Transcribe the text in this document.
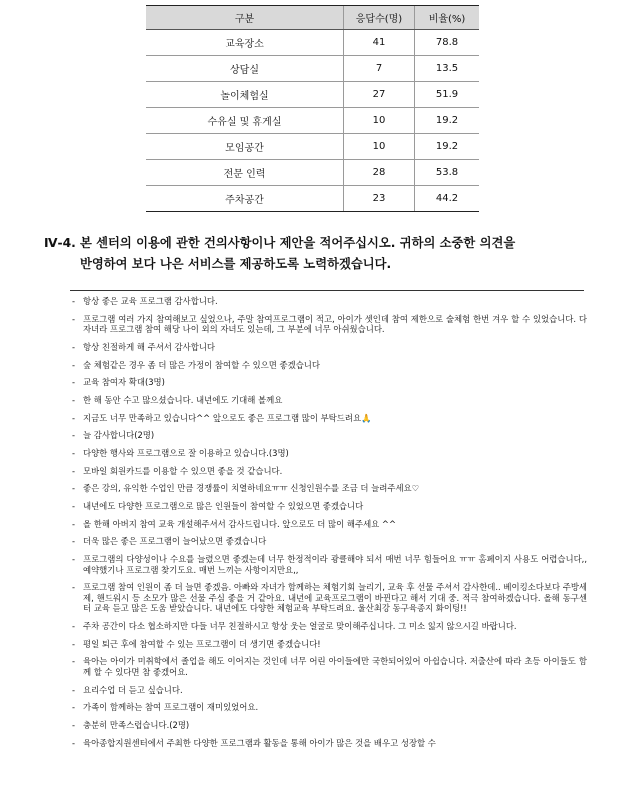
구분	응답수(명)	비율(%)
교육장소	41	78.8
상담실	7	13.5
놀이체험실	27	51.9
수유실 및 휴게실	10	19.2
모임공간	10	19.2
전문 인력	28	53.8
주차공간	23	44.2
Ⅳ-4. 본 센터의 이용에 관한 건의사항이나 제안을 적어주십시오. 귀하의 소중한 의견을
반영하여 보다 나은 서비스를 제공하도록 노력하겠습니다.
- 항상 좋은 교육 프로그램 감사합니다.
- 프로그램 여러 가지 참여해보고 싶었으나, 주말 참여프로그램이 적고, 아이가 셋인데 참여 제한으로 술체험 한번 겨우 할 수 있었습니다. 다자녀라 프로그램 참여 해당 나이 외의 자녀도 있는데, 그 부분에 너무 아쉬웠습니다.
- 항상 친절하게 해 주셔서 감사합니다
- 숲 체험같은 경우 좀 더 많은 가정이 참여할 수 있으면 좋겠습니다
- 교육 참여자 확대(3명)
- 한 해 동안 수고 많으셨습니다. 내년에도 기대해 볼께요
- 지금도 너무 만족하고 있습니다^^ 앞으로도 좋은 프로그램 많이 부탁드려요🙏
- 늘 감사합니다(2명)
- 다양한 행사와 프로그램으로 잘 이용하고 있습니다.(3명)
- 모바일 회원카드를 이용할 수 있으면 좋을 것 같습니다.
- 좋은 강의, 유익한 수업인 만큼 경쟁률이 치열하네요ㅠㅠ 신청인원수를 조금 더 늘려주세요♡
- 내년에도 다양한 프로그램으로 많은 인원들이 참여할 수 있었으면 좋겠습니다
- 올 한해 아버지 참여 교육 개설해주셔서 감사드립니다. 앞으로도 더 많이 해주세요 ^^
- 더욱 많은 좋은 프로그램이 늘어났으면 좋겠습니다
- 프로그램의 다양성이나 수요를 늘렸으면 좋겠는데 너무 한정적이라 광클해야 되서 매번 너무 힘들어요 ㅠㅠ 홈페이지 사용도 어렵습니다,, 예약했기나 프로그램 찾기도요. 매번 느끼는 사항이지만요,,
- 프로그램 참여 인원이 좀 더 늘면 좋겠음. 아빠와 자녀가 함께하는 체험기회 늘리기, 교육 후 선물 주셔서 감사한데.. 베이킹소다보다 주방세제, 핸드워시 등 소모가 많은 선물 주심 좋을 거 같아요. 내년에 교육프로그램이 바뀐다고 해서 기대 중. 적극 참여하겠습니다. 올해 동구센터 교육 듣고 많은 도움 받았습니다. 내년에도 다양한 체험교육 부탁드려요. 울산최강 동구육종지 화이팅!!
- 주차 공간이 다소 협소하지만 다들 너무 친절하시고 항상 웃는 얼굴로 맞이해주십니다. 그 미소 잃지 않으시길 바랍니다.
- 평일 퇴근 후에 참여할 수 있는 프로그램이 더 생기면 좋겠습니다!
- 육아는 아이가 미취학에서 졸업을 해도 이어지는 것인데 너무 어린 아이들에만 국한되어있어 아쉽습니다. 저출산에 따라 초등 아이들도 함께 할 수 있다면 참 좋겠어요.
- 요리수업 더 듣고 싶습니다.
- 가족이 함께하는 참여 프로그램이 재미있었어요.
- 충분히 만족스럽습니다.(2명)
- 육아종합지원센터에서 주최한 다양한 프로그램과 활동을 통해 아이가 많은 것을 배우고 성장할 수
